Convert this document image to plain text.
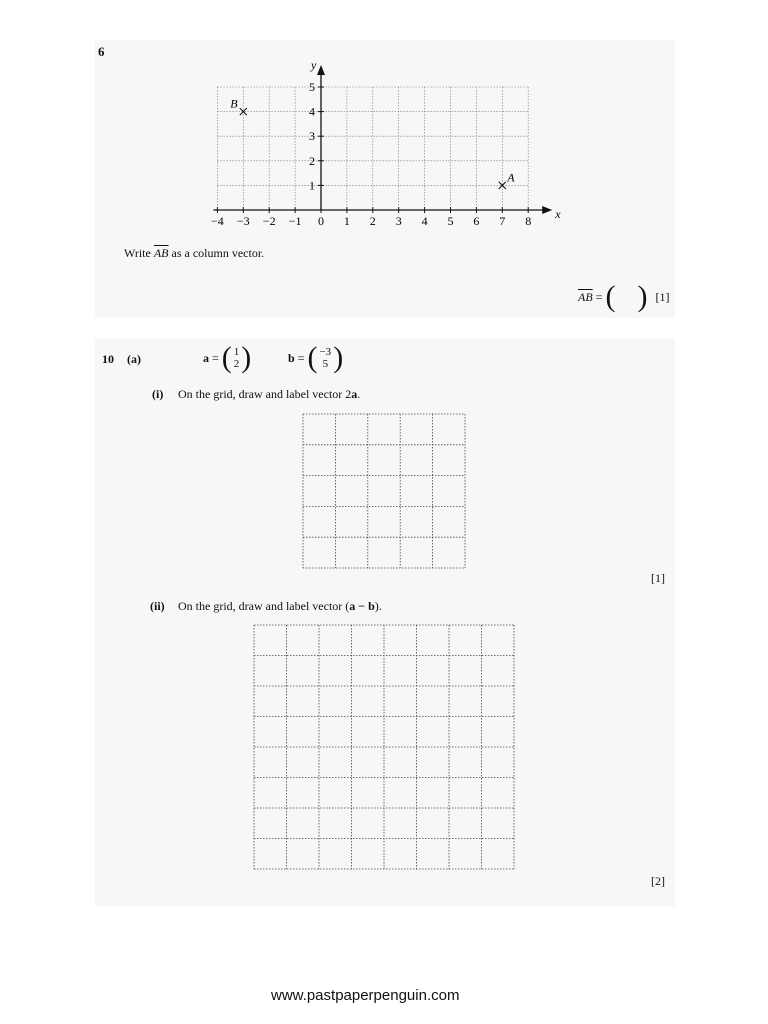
6
−4 −3 −2 −1 0 1 2 3 4 5 6 7 8
1
2
3
4
5
x
y
B
A
Write $\overline{AB}$ as a column vector.
$\overline{AB}$ = ( ) [1]
10 (a)	a = ( 1
2 )	b = ( −3
5 )
(i) On the grid, draw and label vector 2a.
[1]
(ii) On the grid, draw and label vector (a − b).
[2]
www.pastpaperpenguin.com
